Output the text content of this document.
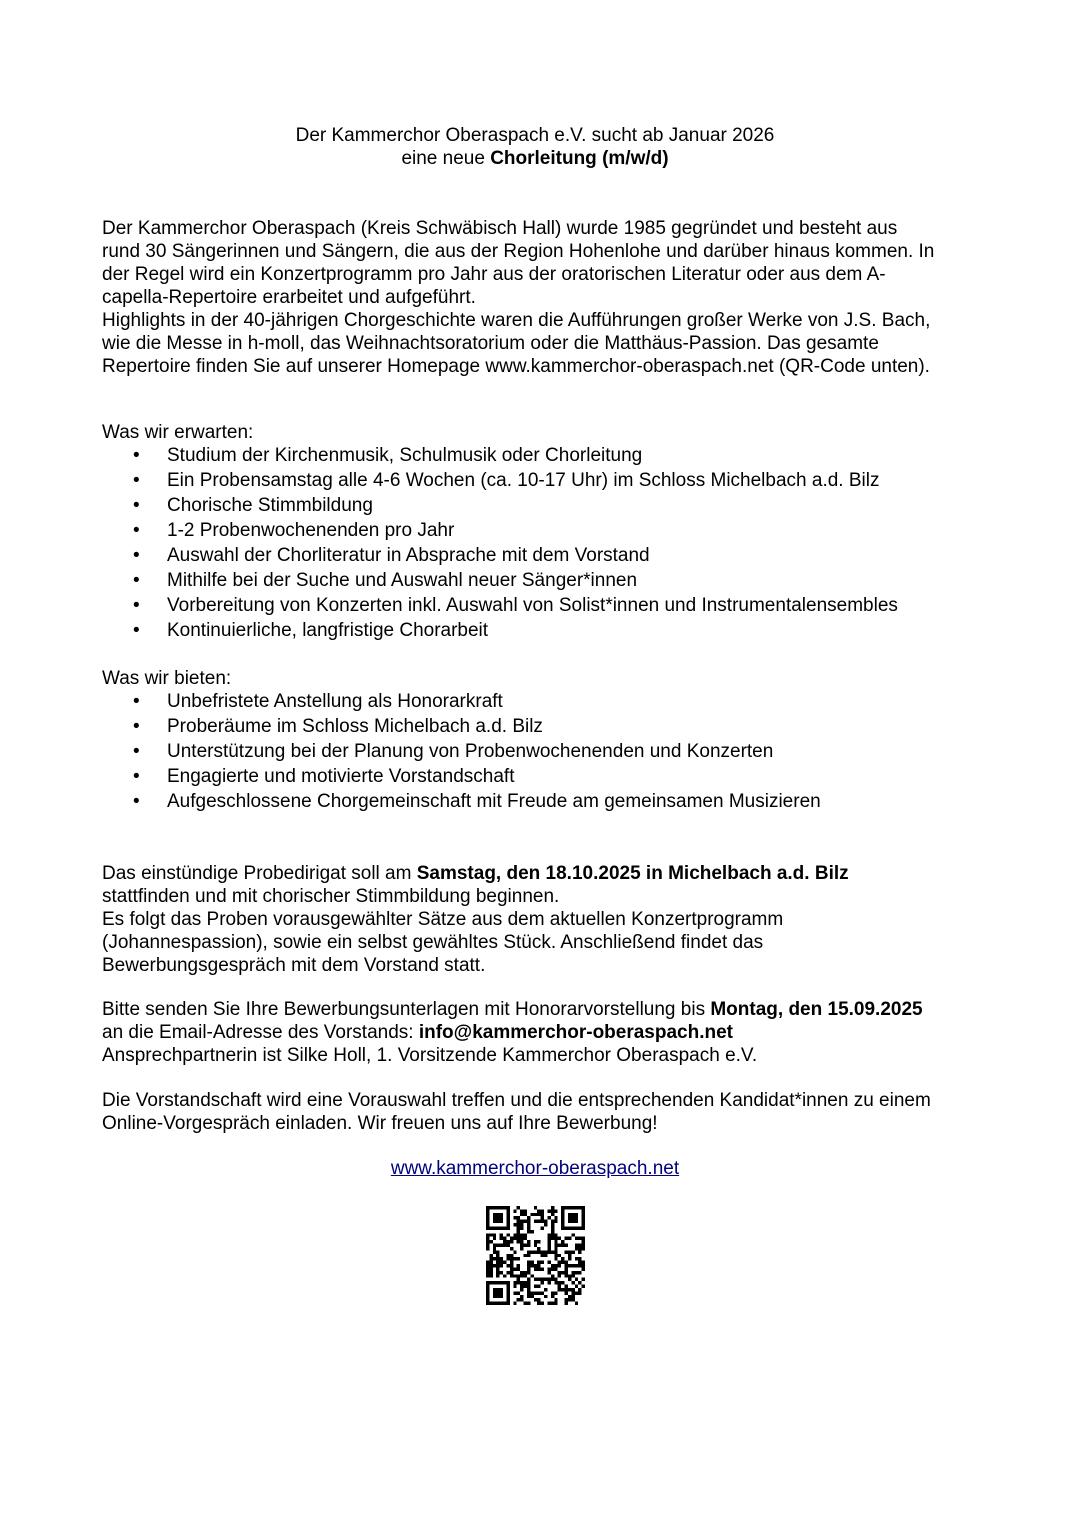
Der Kammerchor Oberaspach e.V. sucht ab Januar 2026
eine neue Chorleitung (m/w/d)
Der Kammerchor Oberaspach (Kreis Schwäbisch Hall) wurde 1985 gegründet und besteht aus
rund 30 Sängerinnen und Sängern, die aus der Region Hohenlohe und darüber hinaus kommen. In
der Regel wird ein Konzertprogramm pro Jahr aus der oratorischen Literatur oder aus dem A-
capella-Repertoire erarbeitet und aufgeführt.
Highlights in der 40-jährigen Chorgeschichte waren die Aufführungen großer Werke von J.S. Bach,
wie die Messe in h-moll, das Weihnachtsoratorium oder die Matthäus-Passion. Das gesamte
Repertoire finden Sie auf unserer Homepage www.kammerchor-oberaspach.net (QR-Code unten).
Was wir erwarten:
• Studium der Kirchenmusik, Schulmusik oder Chorleitung
• Ein Probensamstag alle 4-6 Wochen (ca. 10-17 Uhr) im Schloss Michelbach a.d. Bilz
• Chorische Stimmbildung
• 1-2 Probenwochenenden pro Jahr
• Auswahl der Chorliteratur in Absprache mit dem Vorstand
• Mithilfe bei der Suche und Auswahl neuer Sänger*innen
• Vorbereitung von Konzerten inkl. Auswahl von Solist*innen und Instrumentalensembles
• Kontinuierliche, langfristige Chorarbeit
Was wir bieten:
• Unbefristete Anstellung als Honorarkraft
• Proberäume im Schloss Michelbach a.d. Bilz
• Unterstützung bei der Planung von Probenwochenenden und Konzerten
• Engagierte und motivierte Vorstandschaft
• Aufgeschlossene Chorgemeinschaft mit Freude am gemeinsamen Musizieren
Das einstündige Probedirigat soll am Samstag, den 18.10.2025 in Michelbach a.d. Bilz
stattfinden und mit chorischer Stimmbildung beginnen.
Es folgt das Proben vorausgewählter Sätze aus dem aktuellen Konzertprogramm
(Johannespassion), sowie ein selbst gewähltes Stück. Anschließend findet das
Bewerbungsgespräch mit dem Vorstand statt.
Bitte senden Sie Ihre Bewerbungsunterlagen mit Honorarvorstellung bis Montag, den 15.09.2025
an die Email-Adresse des Vorstands: info@kammerchor-oberaspach.net
Ansprechpartnerin ist Silke Holl, 1. Vorsitzende Kammerchor Oberaspach e.V.
Die Vorstandschaft wird eine Vorauswahl treffen und die entsprechenden Kandidat*innen zu einem
Online-Vorgespräch einladen. Wir freuen uns auf Ihre Bewerbung!
www.kammerchor-oberaspach.net
